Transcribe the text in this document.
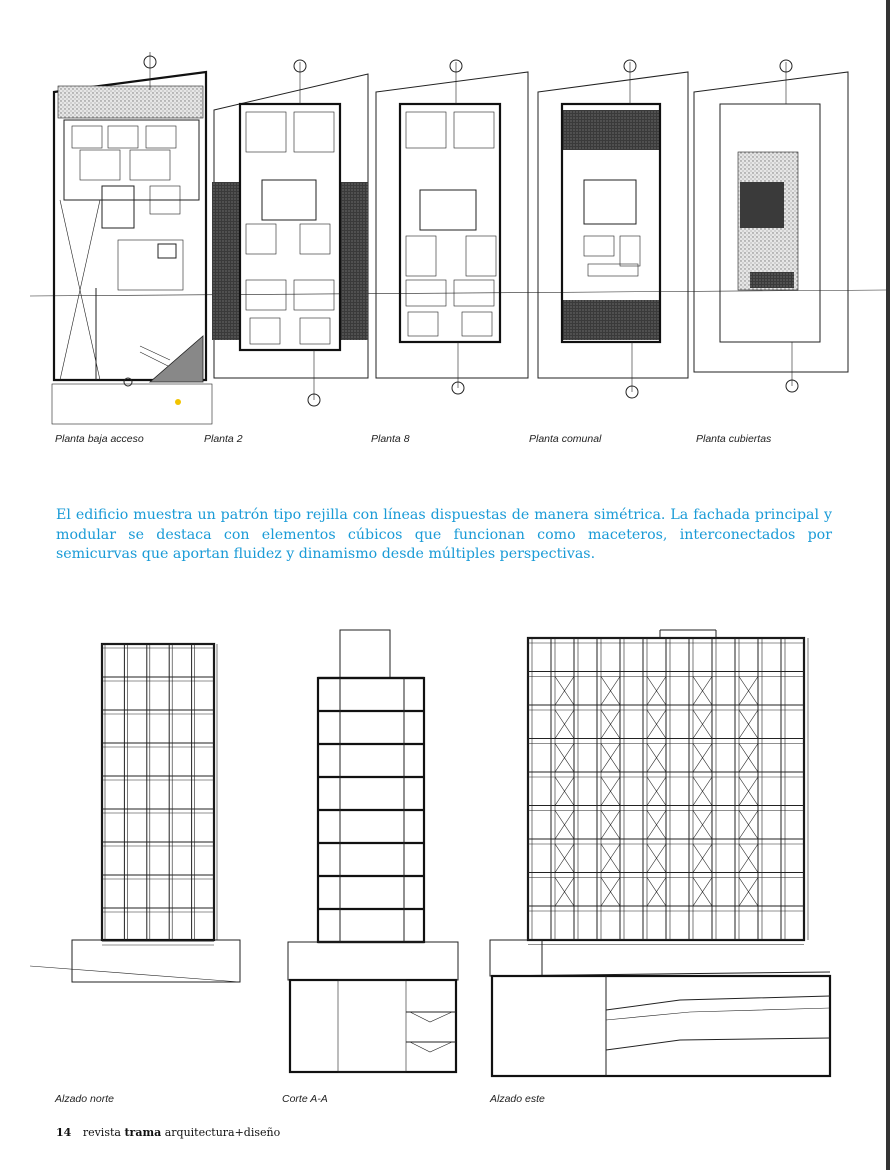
Planta baja acceso	Planta 2	Planta 8	Planta comunal	Planta cubiertas
El edificio muestra un patrón tipo rejilla con líneas dispuestas de manera simétrica. La fachada principal y modular se destaca con elementos cúbicos que funcionan como maceteros, interconectados por semicurvas que aportan fluidez y dinamismo desde múltiples perspectivas.
Alzado norte	Corte A-A	Alzado este
14 revista trama arquitectura+diseño
